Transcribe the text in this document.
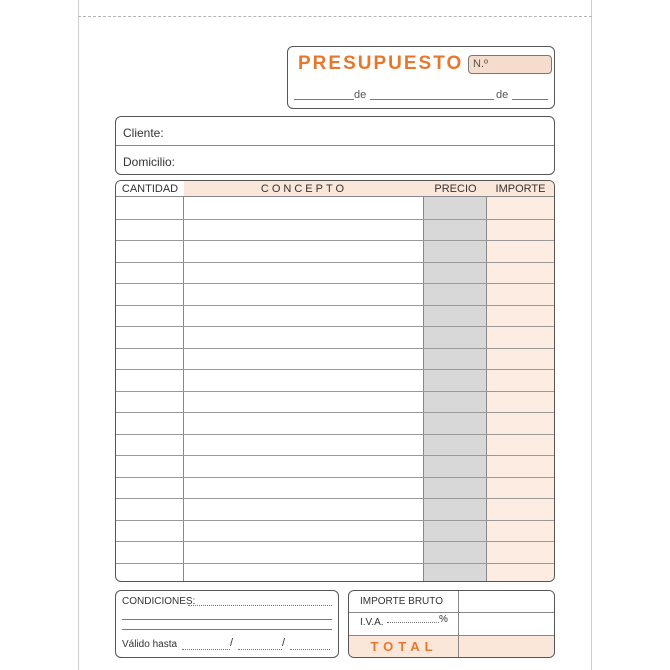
PRESUPUESTO N.º
de	de
Cliente:
Domicilio:
CANTIDAD	CONCEPTO	PRECIO	IMPORTE
CONDICIONES:
Válido hasta	/	/
IMPORTE BRUTO
I.V.A.	%
TOTAL
